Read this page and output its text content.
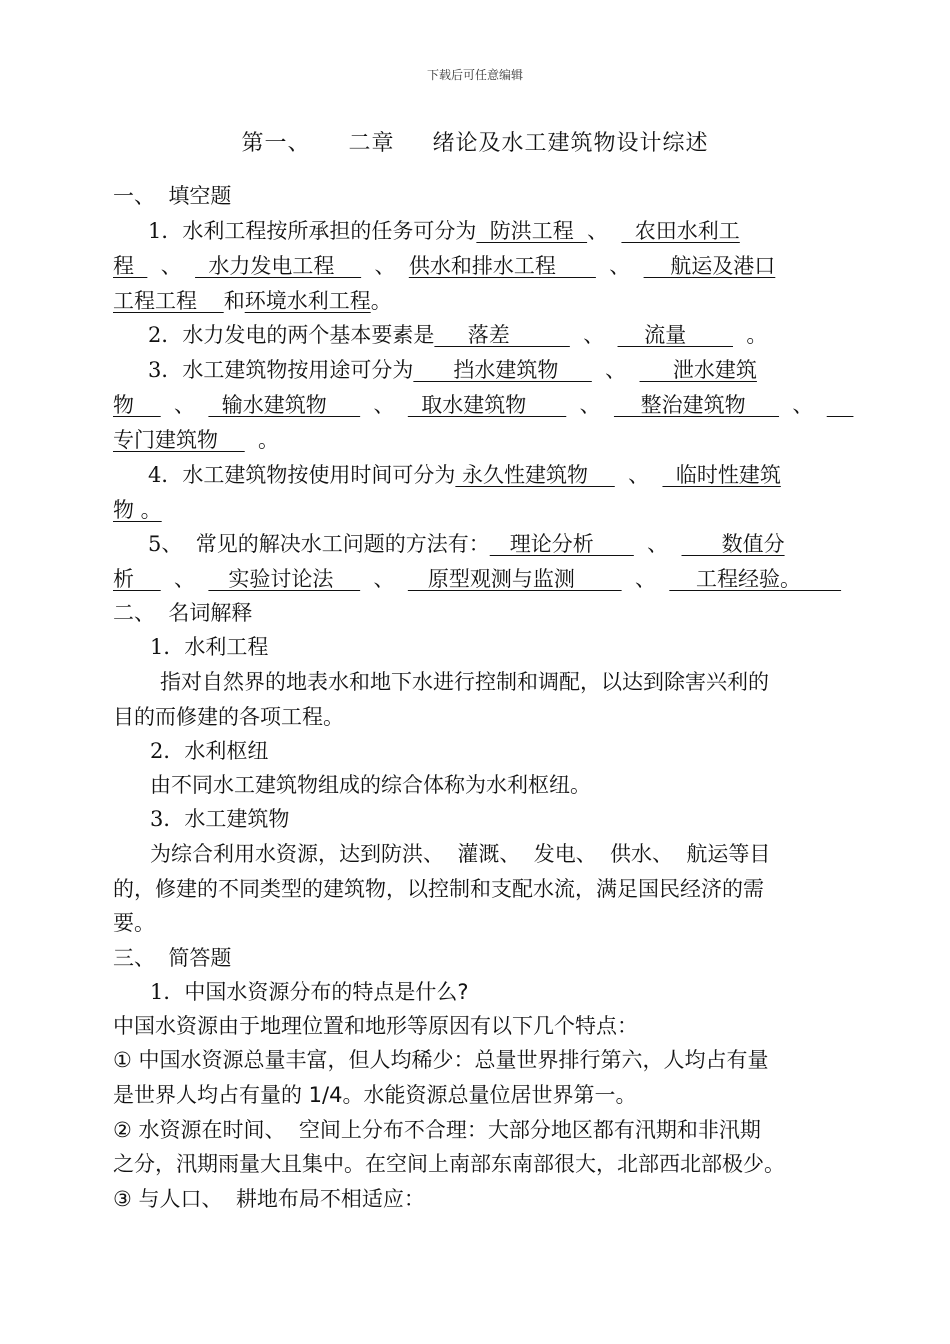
下载后可任意编辑
第一、 二章 绪论及水工建筑物设计综述
一、  填空题
1．水利工程按所承担的任务可分为  防洪工程  、    农田水利工
程    、    水力发电工程      、  供水和排水工程        、      航运及港口
工程工程    和环境水利工程。
2．水力发电的两个基本要素是     落差           、      流量         。
3．水工建筑物按用途可分为      挡水建筑物       、       泄水建筑
物      、    输水建筑物       、    取水建筑物        、      整治建筑物       、
专门建筑物      。
4．水工建筑物按使用时间可分为 永久性建筑物      、    临时性建筑
物 。
5、  常见的解决水工问题的方法有：   理论分析        、        数值分
析      、     实验讨论法      、     原型观测与监测         、      工程经验。
二、  名词解释
1．水利工程
指对自然界的地表水和地下水进行控制和调配，以达到除害兴利的
目的而修建的各项工程。
2．水利枢纽
由不同水工建筑物组成的综合体称为水利枢纽。
3．水工建筑物
为综合利用水资源，达到防洪、  灌溉、  发电、  供水、  航运等目
的，修建的不同类型的建筑物，以控制和支配水流，满足国民经济的需
要。
三、  简答题
1．中国水资源分布的特点是什么?
中国水资源由于地理位置和地形等原因有以下几个特点：
① 中国水资源总量丰富，但人均稀少：总量世界排行第六，人均占有量
是世界人均占有量的 1/4。水能资源总量位居世界第一。
② 水资源在时间、  空间上分布不合理：大部分地区都有汛期和非汛期
之分，汛期雨量大且集中。在空间上南部东南部很大，北部西北部极少。
③ 与人口、  耕地布局不相适应：
